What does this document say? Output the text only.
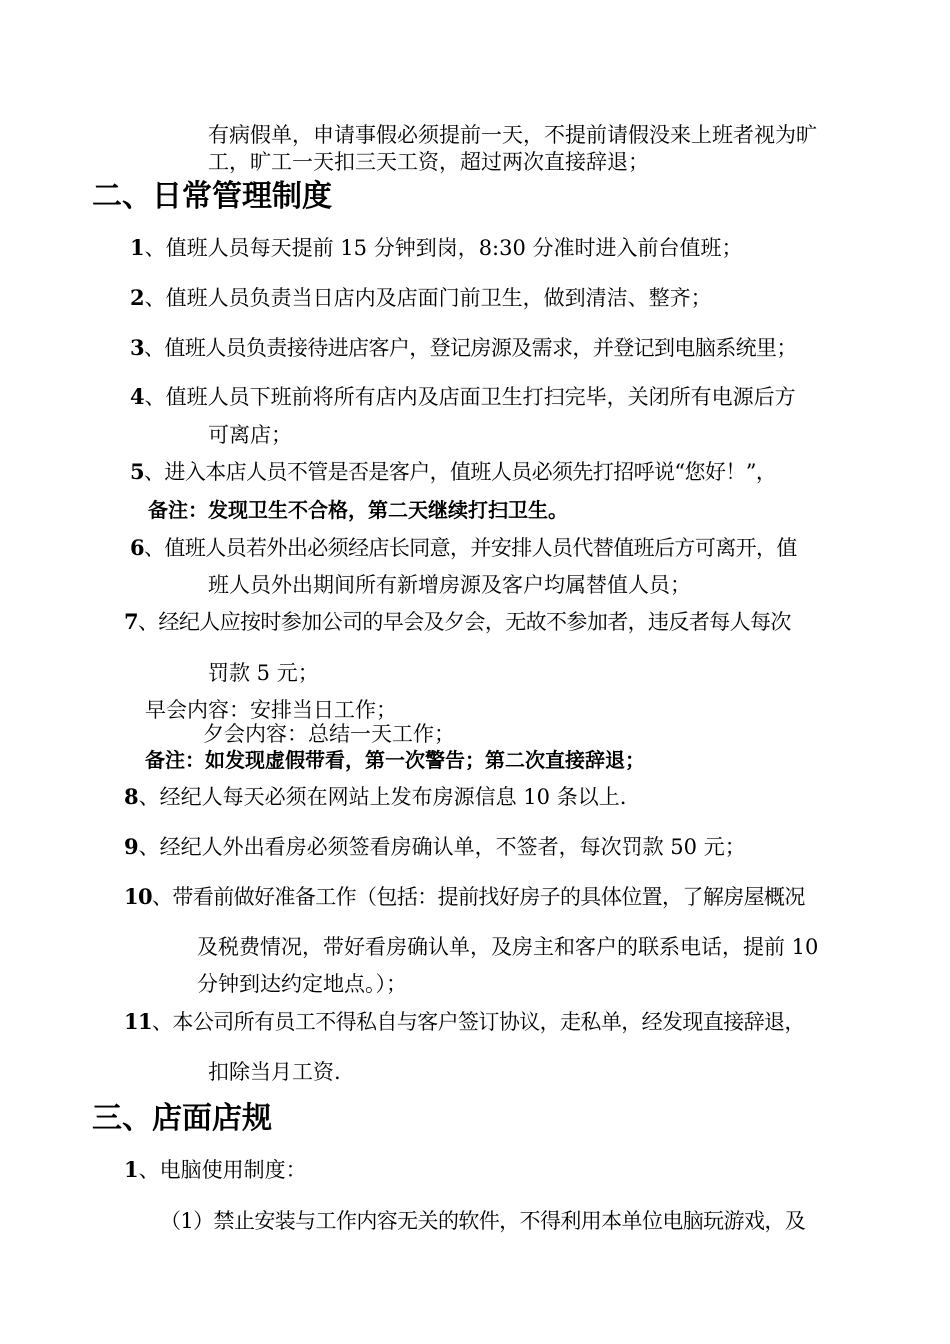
有病假单，申请事假必须提前一天，不提前请假没来上班者视为旷
工，旷工一天扣三天工资，超过两次直接辞退；
二、日常管理制度
1、值班人员每天提前 15 分钟到岗，8:30 分准时进入前台值班；
2、值班人员负责当日店内及店面门前卫生，做到清洁、整齐；
3、值班人员负责接待进店客户，登记房源及需求，并登记到电脑系统里；
4、值班人员下班前将所有店内及店面卫生打扫完毕，关闭所有电源后方
可离店；
5、进入本店人员不管是否是客户，值班人员必须先打招呼说“您好！”，
备注：发现卫生不合格，第二天继续打扫卫生。
6、值班人员若外出必须经店长同意，并安排人员代替值班后方可离开，值
班人员外出期间所有新增房源及客户均属替值人员；
7、经纪人应按时参加公司的早会及夕会，无故不参加者，违反者每人每次
罚款 5 元；
早会内容：安排当日工作；
夕会内容：总结一天工作；
备注：如发现虚假带看，第一次警告；第二次直接辞退；
8、经纪人每天必须在网站上发布房源信息 10 条以上.
9、经纪人外出看房必须签看房确认单，不签者，每次罚款 50 元；
10、带看前做好准备工作（包括：提前找好房子的具体位置，了解房屋概况
及税费情况，带好看房确认单，及房主和客户的联系电话，提前 10
分钟到达约定地点。）；
11、本公司所有员工不得私自与客户签订协议，走私单，经发现直接辞退，
扣除当月工资.
三、店面店规
1、电脑使用制度：
（1）禁止安装与工作内容无关的软件，不得利用本单位电脑玩游戏，及
